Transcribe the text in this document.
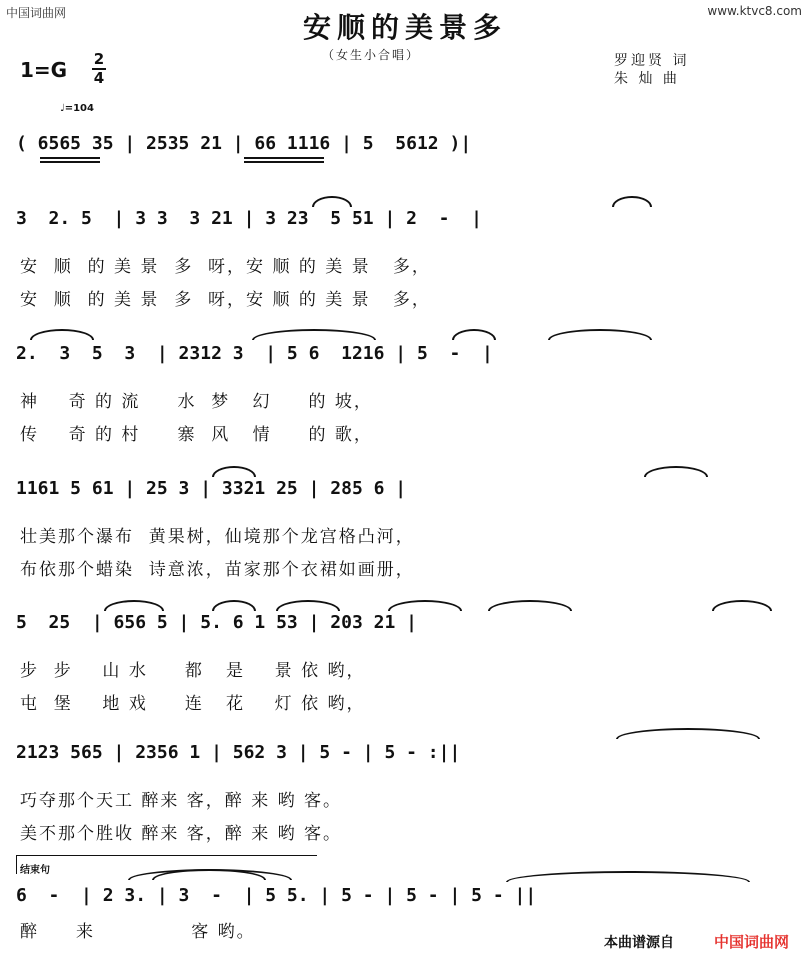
中国词曲网	www.ktvc8.com
安顺的美景多
（女生小合唱）	罗迎贤 词
朱 灿 曲
1=G 2
4
♩=104
( 6565 35 | 2535 21 | 66 1116 | 5  5612 )|
3  2. 5  | 3 3  3 21 | 3 23  5 51 | 2  -  |
安  顺  的 美 景  多  呀，安 顺 的 美 景   多，
安  顺  的 美 景  多  呀，安 顺 的 美 景   多，
2.  3  5  3  | 2312 3  | 5 6  1216 | 5  -  |
神    奇 的 流     水  梦   幻     的 坡，
传    奇 的 村     寨  风   情     的 歌，
1161 5 61 | 25 3 | 3321 25 | 285 6 |
壮美那个瀑布  黄果树，仙境那个龙宫格凸河，
布依那个蜡染  诗意浓，苗家那个衣裙如画册，
5  25  | 656 5 | 5. 6 1 53 | 203 21 |
步  步    山 水     都   是    景 依 哟，
屯  堡    地 戏     连   花    灯 依 哟，
2123 565 | 2356 1 | 562 3 | 5 - | 5 - :||
巧夺那个天工 醉来 客，醉 来 哟 客。
美不那个胜收 醉来 客，醉 来 哟 客。
结束句
6  -  | 2 3. | 3  -  | 5 5. | 5 - | 5 - | 5 - ||
醉     来             客 哟。
本曲谱源自	中国词曲网
